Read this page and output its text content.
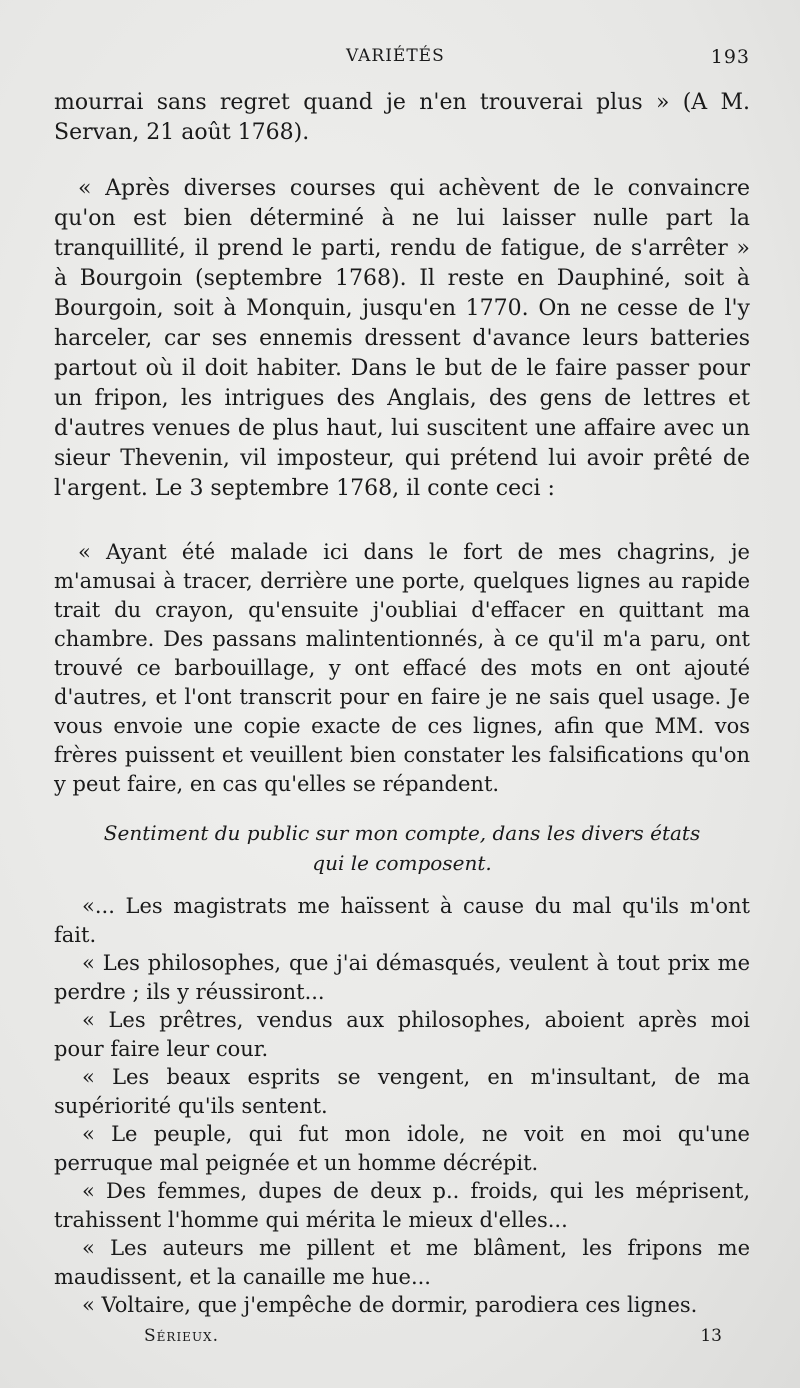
VARIÉTÉS	193

mourrai sans regret quand je n'en trouverai plus » (A M. Servan, 21 août 1768).

« Après diverses courses qui achèvent de le convaincre qu'on est bien déterminé à ne lui laisser nulle part la tranquillité, il prend le parti, rendu de fatigue, de s'arrêter » à Bourgoin (septembre 1768). Il reste en Dauphiné, soit à Bourgoin, soit à Monquin, jusqu'en 1770. On ne cesse de l'y harceler, car ses ennemis dressent d'avance leurs batteries partout où il doit habiter. Dans le but de le faire passer pour un fripon, les intrigues des Anglais, des gens de lettres et d'autres venues de plus haut, lui suscitent une affaire avec un sieur Thevenin, vil imposteur, qui prétend lui avoir prêté de l'argent. Le 3 septembre 1768, il conte ceci :

« Ayant été malade ici dans le fort de mes chagrins, je m'amusai à tracer, derrière une porte, quelques lignes au rapide trait du crayon, qu'ensuite j'oubliai d'effacer en quittant ma chambre. Des passans malintentionnés, à ce qu'il m'a paru, ont trouvé ce barbouillage, y ont effacé des mots en ont ajouté d'autres, et l'ont transcrit pour en faire je ne sais quel usage. Je vous envoie une copie exacte de ces lignes, afin que MM. vos frères puissent et veuillent bien constater les falsifications qu'on y peut faire, en cas qu'elles se répandent.

Sentiment du public sur mon compte, dans les divers états
qui le composent.

«... Les magistrats me haïssent à cause du mal qu'ils m'ont fait.

« Les philosophes, que j'ai démasqués, veulent à tout prix me perdre ; ils y réussiront...

« Les prêtres, vendus aux philosophes, aboient après moi pour faire leur cour.

« Les beaux esprits se vengent, en m'insultant, de ma supériorité qu'ils sentent.

« Le peuple, qui fut mon idole, ne voit en moi qu'une perruque mal peignée et un homme décrépit.

« Des femmes, dupes de deux p.. froids, qui les méprisent, trahissent l'homme qui mérita le mieux d'elles...

« Les auteurs me pillent et me blâment, les fripons me maudissent, et la canaille me hue...

« Voltaire, que j'empêche de dormir, parodiera ces lignes.

Sérieux.	13
